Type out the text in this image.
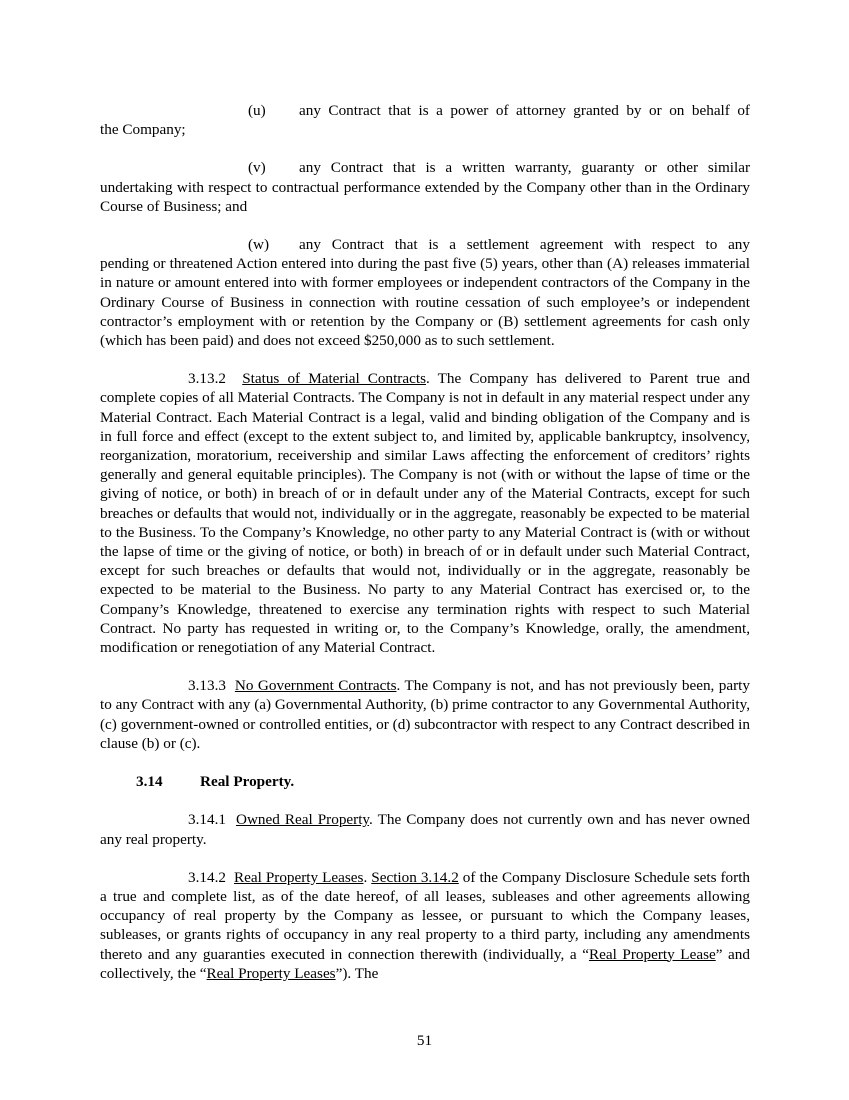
(u)	any Contract that is a power of attorney granted by or on behalf of

the Company;

(v)	any Contract that is a written warranty, guaranty or other similar

undertaking with respect to contractual performance extended by the Company other than in the Ordinary Course of Business; and

(w)	any Contract that is a settlement agreement with respect to any

pending or threatened Action entered into during the past five (5) years, other than (A) releases immaterial in nature or amount entered into with former employees or independent contractors of the Company in the Ordinary Course of Business in connection with routine cessation of such employee’s or independent contractor’s employment with or retention by the Company or (B) settlement agreements for cash only (which has been paid) and does not exceed $250,000 as to such settlement.

3.13.2 Status of Material Contracts. The Company has delivered to Parent true and complete copies of all Material Contracts. The Company is not in default in any material respect under any Material Contract. Each Material Contract is a legal, valid and binding obligation of the Company and is in full force and effect (except to the extent subject to, and limited by, applicable bankruptcy, insolvency, reorganization, moratorium, receivership and similar Laws affecting the enforcement of creditors’ rights generally and general equitable principles). The Company is not (with or without the lapse of time or the giving of notice, or both) in breach of or in default under any of the Material Contracts, except for such breaches or defaults that would not, individually or in the aggregate, reasonably be expected to be material to the Business. To the Company’s Knowledge, no other party to any Material Contract is (with or without the lapse of time or the giving of notice, or both) in breach of or in default under such Material Contract, except for such breaches or defaults that would not, individually or in the aggregate, reasonably be expected to be material to the Business. No party to any Material Contract has exercised or, to the Company’s Knowledge, threatened to exercise any termination rights with respect to such Material Contract. No party has requested in writing or, to the Company’s Knowledge, orally, the amendment, modification or renegotiation of any Material Contract.

3.13.3 No Government Contracts. The Company is not, and has not previously been, party to any Contract with any (a) Governmental Authority, (b) prime contractor to any Governmental Authority, (c) government-owned or controlled entities, or (d) subcontractor with respect to any Contract described in clause (b) or (c).

3.14 Real Property.

3.14.1 Owned Real Property. The Company does not currently own and has never owned any real property.

3.14.2 Real Property Leases. Section 3.14.2 of the Company Disclosure Schedule sets forth a true and complete list, as of the date hereof, of all leases, subleases and other agreements allowing occupancy of real property by the Company as lessee, or pursuant to which the Company leases, subleases, or grants rights of occupancy in any real property to a third party, including any amendments thereto and any guaranties executed in connection therewith (individually, a “Real Property Lease” and collectively, the “Real Property Leases”). The

51
